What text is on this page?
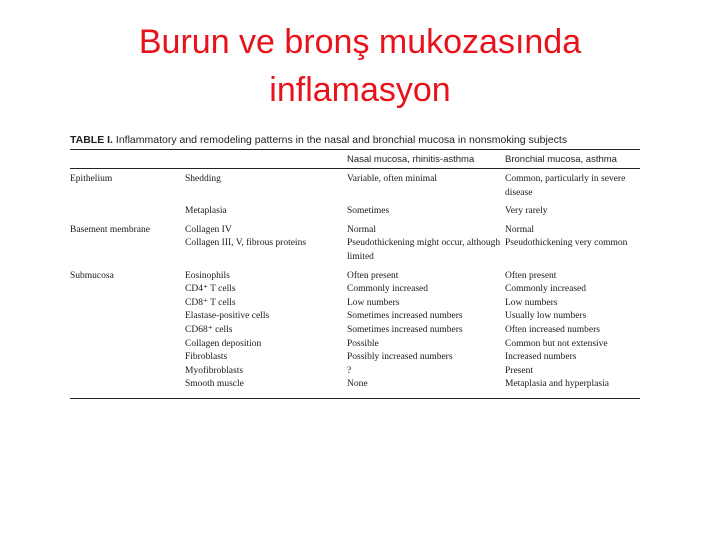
Burun ve bronş mukozasında
inflamasyon
TABLE I. Inflammatory and remodeling patterns in the nasal and bronchial mucosa in nonsmoking subjects
		Nasal mucosa, rhinitis-asthma	Bronchial mucosa, asthma
Epithelium	Shedding	Variable, often minimal	Common, particularly in severe disease
	Metaplasia	Sometimes	Very rarely
Basement membrane	Collagen IV	Normal	Normal
	Collagen III, V, fibrous proteins	Pseudothickening might occur, although limited	Pseudothickening very common
Submucosa	Eosinophils	Often present	Often present
	CD4⁺ T cells	Commonly increased	Commonly increased
	CD8⁺ T cells	Low numbers	Low numbers
	Elastase-positive cells	Sometimes increased numbers	Usually low numbers
	CD68⁺ cells	Sometimes increased numbers	Often increased numbers
	Collagen deposition	Possible	Common but not extensive
	Fibroblasts	Possibly increased numbers	Increased numbers
	Myofibroblasts	?	Present
	Smooth muscle	None	Metaplasia and hyperplasia
